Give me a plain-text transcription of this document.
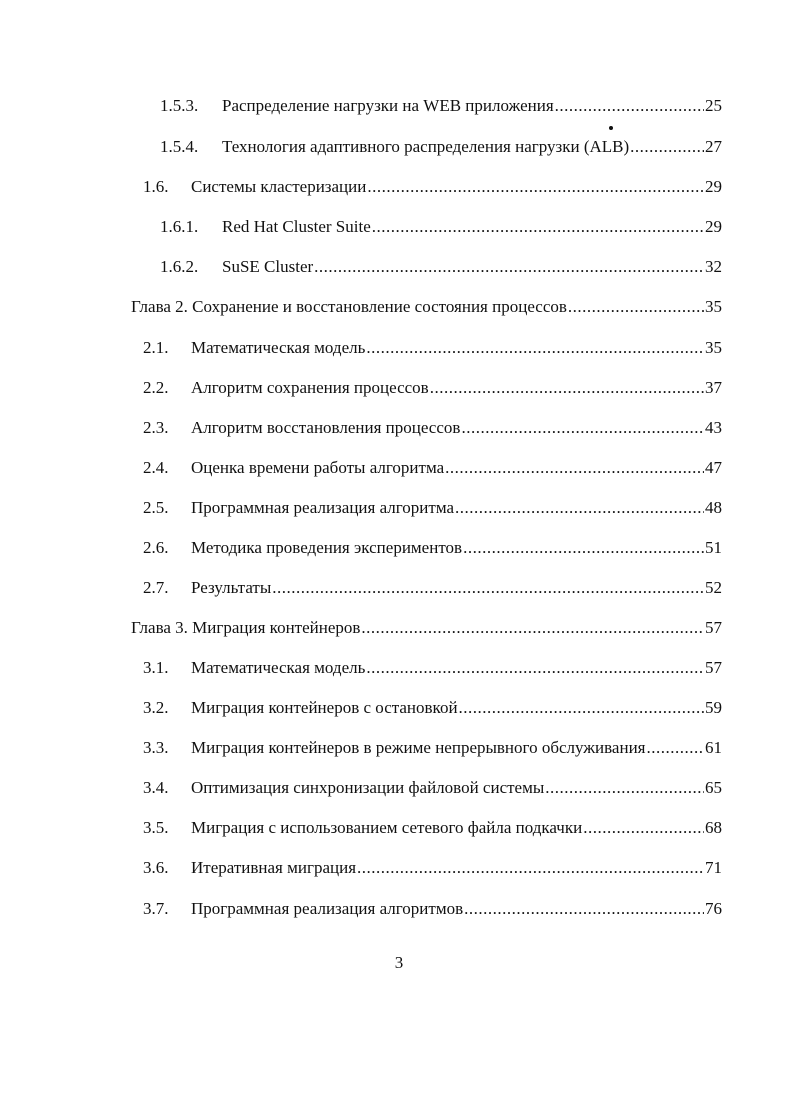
1.5.3.	Распределение нагрузки на WEB приложения .....	25
1.5.4.	Технология адаптивного распределения нагрузки (ALB) .....	27
1.6.	Системы кластеризации .....	29
1.6.1.	Red Hat Cluster Suite .....	29
1.6.2.	SuSE Cluster .....	32
Глава 2. Сохранение и восстановление состояния процессов .....	35
2.1.	Математическая модель .....	35
2.2.	Алгоритм сохранения процессов .....	37
2.3.	Алгоритм восстановления процессов .....	43
2.4.	Оценка времени работы алгоритма .....	47
2.5.	Программная реализация алгоритма .....	48
2.6.	Методика проведения экспериментов .....	51
2.7.	Результаты .....	52
Глава 3. Миграция контейнеров .....	57
3.1.	Математическая модель .....	57
3.2.	Миграция контейнеров с остановкой .....	59
3.3.	Миграция контейнеров в режиме непрерывного обслуживания .....	61
3.4.	Оптимизация синхронизации файловой системы .....	65
3.5.	Миграция с использованием сетевого файла подкачки .....	68
3.6.	Итеративная миграция .....	71
3.7.	Программная реализация алгоритмов .....	76
3
